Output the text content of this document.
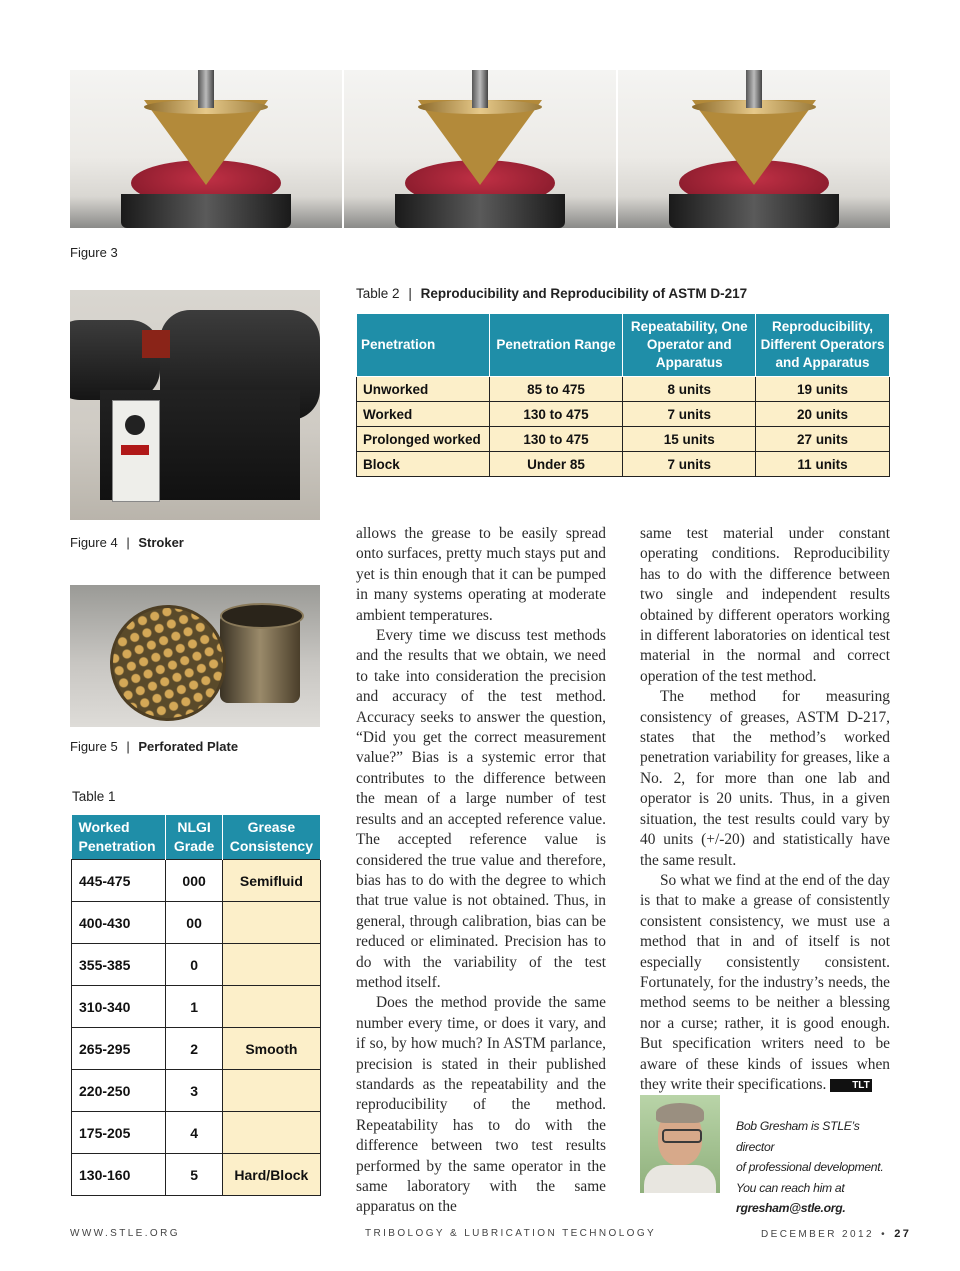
Figure 3
Figure 4 | Stroker
Figure 5 | Perforated Plate
Table 2 | Reproducibility and Reproducibility of ASTM D-217
Penetration	Penetration Range	Repeatability, One Operator and Apparatus	Reproducibility, Different Operators and Apparatus
Unworked	85 to 475	8 units	19 units
Worked	130 to 475	7 units	20 units
Prolonged worked	130 to 475	15 units	27 units
Block	Under 85	7 units	11 units
Table 1
Worked Penetration	NLGI Grade	Grease Consistency
445-475	000	Semifluid
400-430	00	
355-385	0	
310-340	1	
265-295	2	Smooth
220-250	3	
175-205	4	
130-160	5	Hard/Block

allows the grease to be easily spread onto surfaces, pretty much stays put and yet is thin enough that it can be pumped in many systems operating at moderate ambient temperatures.

Every time we discuss test methods and the results that we obtain, we need to take into consideration the precision and accuracy of the test method. Accuracy seeks to answer the question, “Did you get the correct measurement value?” Bias is a systemic error that contributes to the difference between the mean of a large number of test results and an accepted reference value. The accepted reference value is considered the true value and therefore, bias has to do with the degree to which that true value is not obtained. Thus, in general, through calibration, bias can be reduced or eliminated. Precision has to do with the variability of the test method itself.

Does the method provide the same number every time, or does it vary, and if so, by how much? In ASTM parlance, precision is stated in their published standards as the repeatability and the reproducibility of the method. Repeatability has to do with the difference between two test results performed by the same operator in the same laboratory with the same apparatus on the

same test material under constant operating conditions. Reproducibility has to do with the difference between two single and independent results obtained by different operators working in different laboratories on identical test material in the normal and correct operation of the test method.

The method for measuring consistency of greases, ASTM D-217, states that the method’s worked penetration variability for greases, like a No. 2, for more than one lab and operator is 20 units. Thus, in a given situation, the test results could vary by 40 units (+/-20) and statistically have the same result.

So what we find at the end of the day is that to make a grease of consistently consistent consistency, we must use a method that in and of itself is not especially consistently consistent. Fortunately, for the industry’s needs, the method seems to be neither a blessing nor a curse; rather, it is good enough. But specification writers need to be aware of these kinds of issues when they write their specifications.	TLT

Bob Gresham is STLE’s director
of professional development.
You can reach him at
rgresham@stle.org.
WWW.STLE.ORG	TRIBOLOGY & LUBRICATION TECHNOLOGY	DECEMBER 2012 • 27
